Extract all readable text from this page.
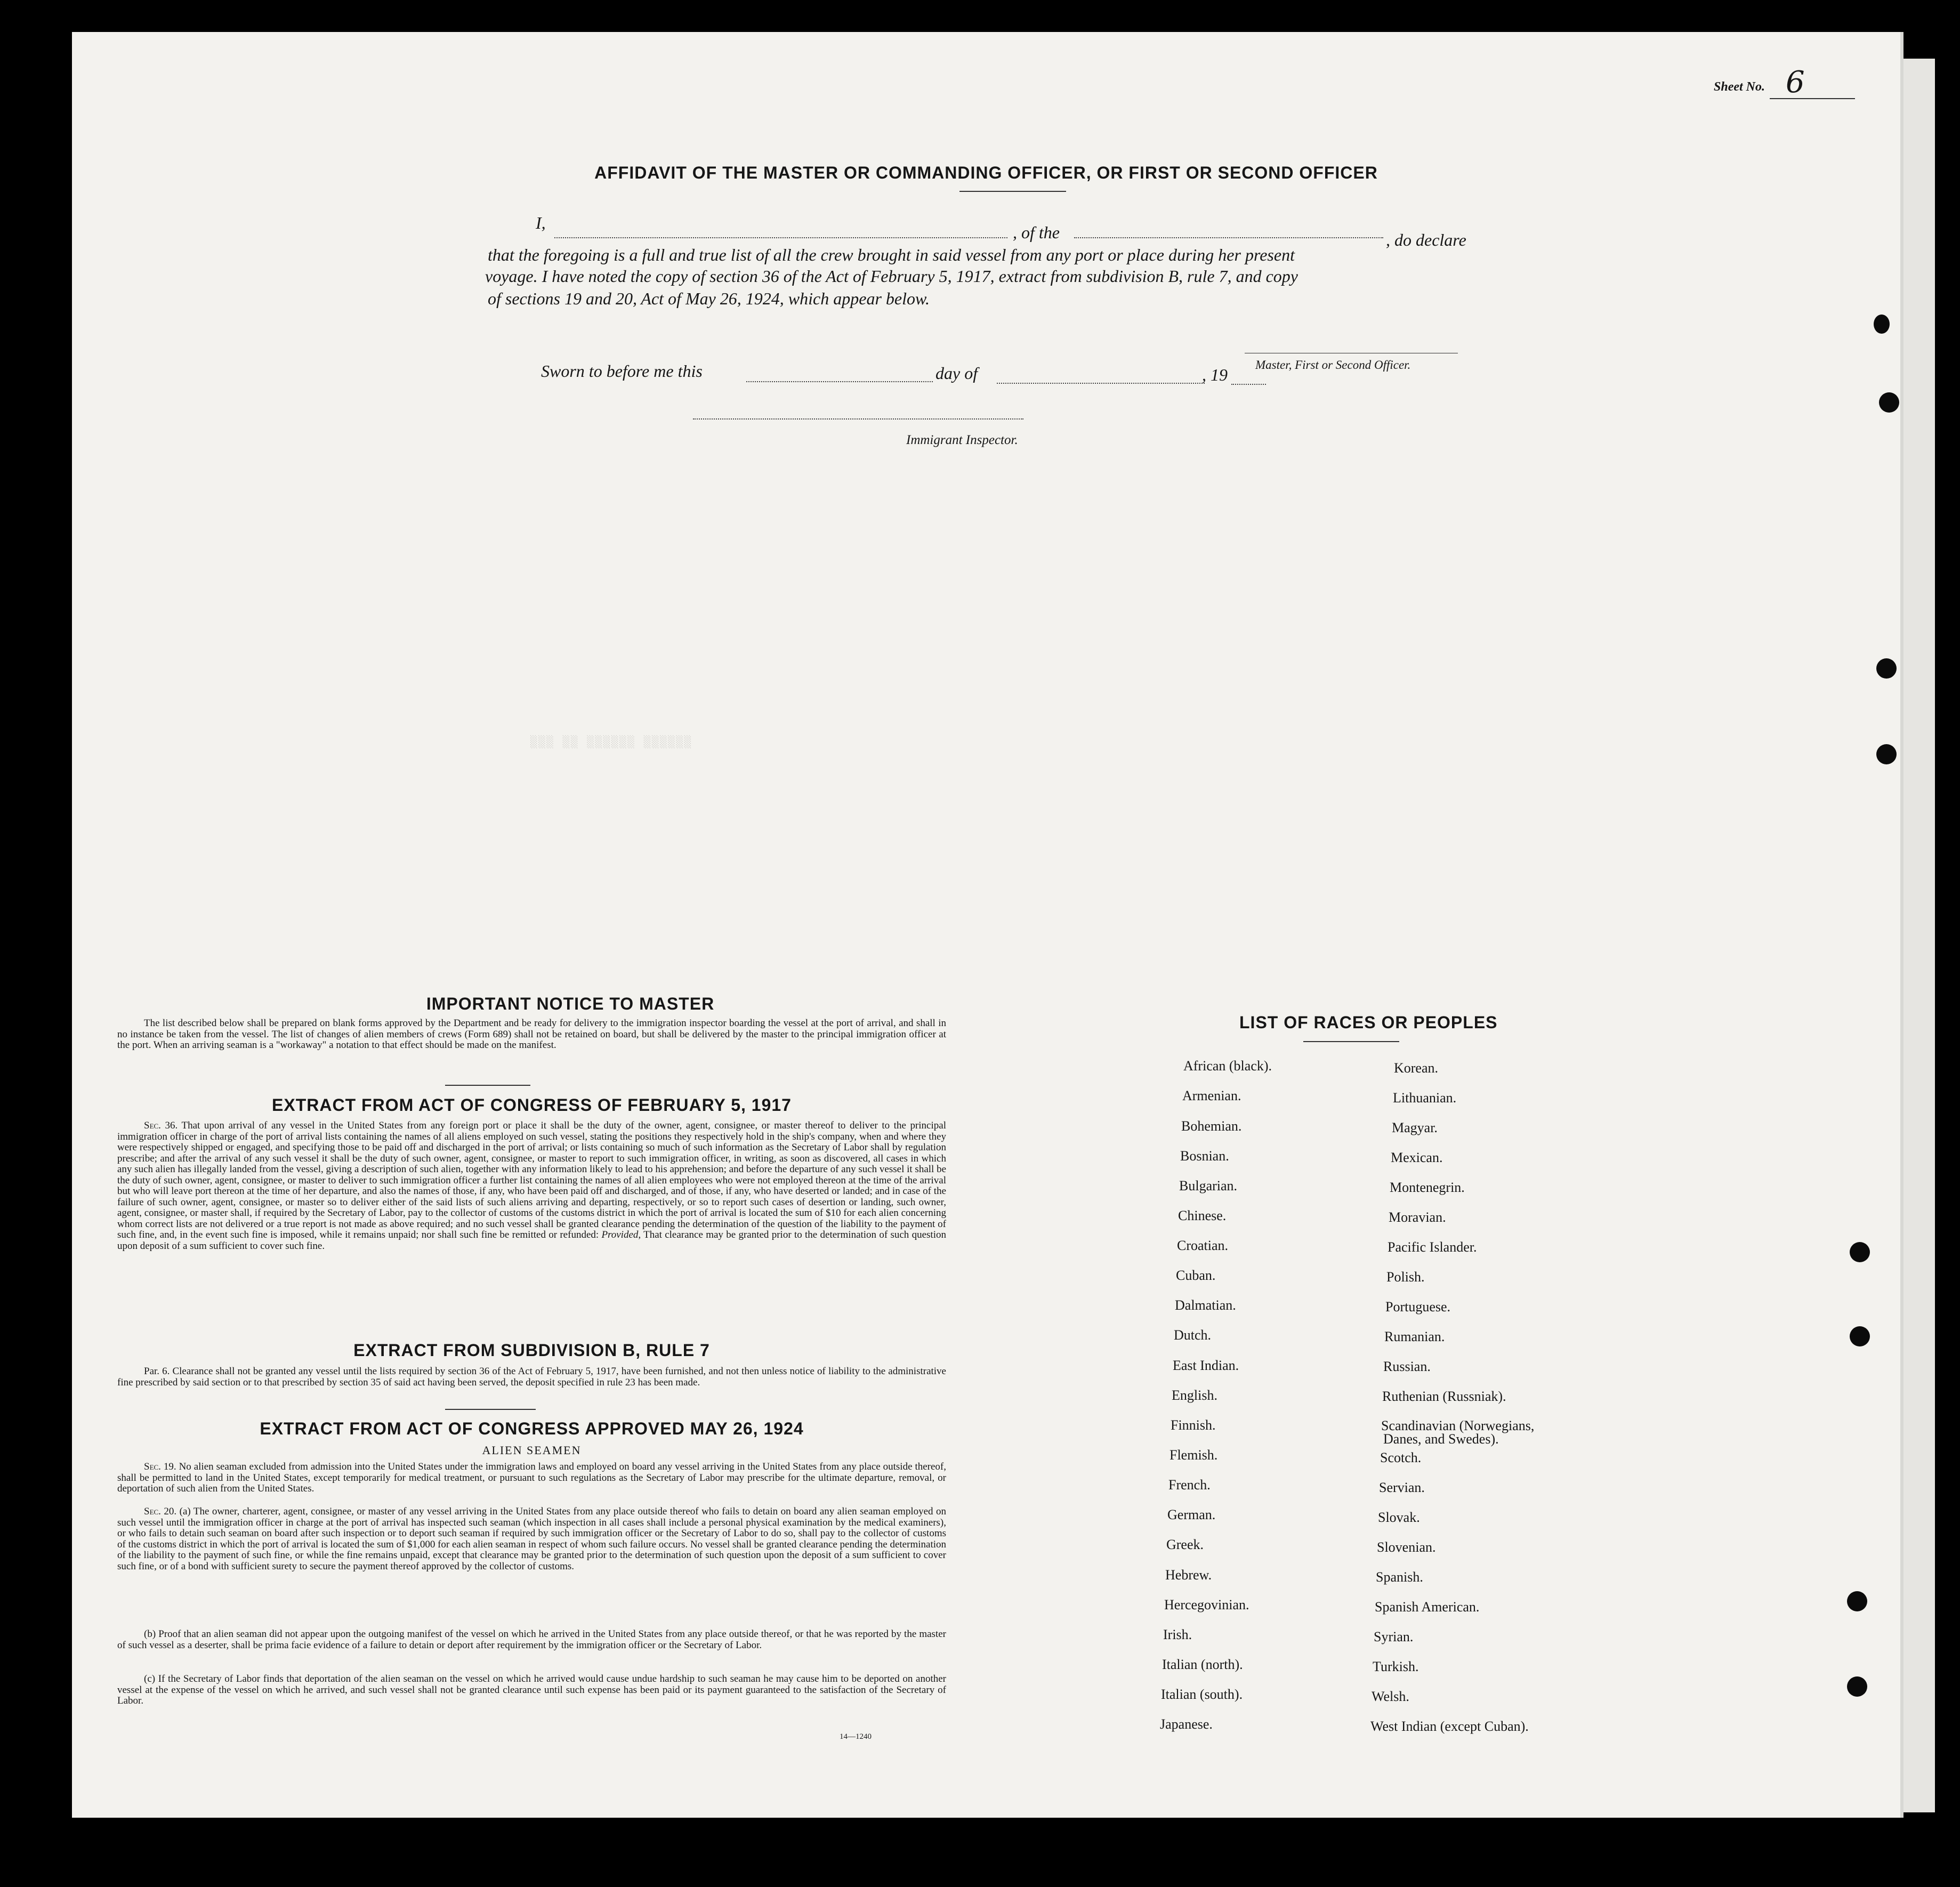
░░░ ░░ ░░░░░░ ░░░░░░
Sheet No. 6
AFFIDAVIT OF THE MASTER OR COMMANDING OFFICER, OR FIRST OR SECOND OFFICER
I,	, of the	, do declare
that the foregoing is a full and true list of all the crew brought in said vessel from any port or place during her present
voyage. I have noted the copy of section 36 of the Act of February 5, 1917, extract from subdivision B, rule 7, and copy
of sections 19 and 20, Act of May 26, 1924, which appear below.
Master, First or Second Officer.
Sworn to before me this	day of	, 19
Immigrant Inspector.
IMPORTANT NOTICE TO MASTER
The list described below shall be prepared on blank forms approved by the Department and be ready for delivery to the immigration inspector boarding the vessel at the port of arrival, and shall in no instance be taken from the vessel. The list of changes of alien members of crews (Form 689) shall not be retained on board, but shall be delivered by the master to the principal immigration officer at the port. When an arriving seaman is a "workaway" a notation to that effect should be made on the manifest.
EXTRACT FROM ACT OF CONGRESS OF FEBRUARY 5, 1917
Sec. 36. That upon arrival of any vessel in the United States from any foreign port or place it shall be the duty of the owner, agent, consignee, or master thereof to deliver to the principal immigration officer in charge of the port of arrival lists containing the names of all aliens employed on such vessel, stating the positions they respectively hold in the ship's company, when and where they were respectively shipped or engaged, and specifying those to be paid off and discharged in the port of arrival; or lists containing so much of such information as the Secretary of Labor shall by regulation prescribe; and after the arrival of any such vessel it shall be the duty of such owner, agent, consignee, or master to report to such immigration officer, in writing, as soon as discovered, all cases in which any such alien has illegally landed from the vessel, giving a description of such alien, together with any information likely to lead to his apprehension; and before the departure of any such vessel it shall be the duty of such owner, agent, consignee, or master to deliver to such immigration officer a further list containing the names of all alien employees who were not employed thereon at the time of the arrival but who will leave port thereon at the time of her departure, and also the names of those, if any, who have been paid off and discharged, and of those, if any, who have deserted or landed; and in case of the failure of such owner, agent, consignee, or master so to deliver either of the said lists of such aliens arriving and departing, respectively, or so to report such cases of desertion or landing, such owner, agent, consignee, or master shall, if required by the Secretary of Labor, pay to the collector of customs of the customs district in which the port of arrival is located the sum of $10 for each alien concerning whom correct lists are not delivered or a true report is not made as above required; and no such vessel shall be granted clearance pending the determination of the question of the liability to the payment of such fine, and, in the event such fine is imposed, while it remains unpaid; nor shall such fine be remitted or refunded: Provided, That clearance may be granted prior to the determination of such question upon deposit of a sum sufficient to cover such fine.
EXTRACT FROM SUBDIVISION B, RULE 7
Par. 6. Clearance shall not be granted any vessel until the lists required by section 36 of the Act of February 5, 1917, have been furnished, and not then unless notice of liability to the administrative fine prescribed by said section or to that prescribed by section 35 of said act having been served, the deposit specified in rule 23 has been made.
EXTRACT FROM ACT OF CONGRESS APPROVED MAY 26, 1924
ALIEN SEAMEN
Sec. 19. No alien seaman excluded from admission into the United States under the immigration laws and employed on board any vessel arriving in the United States from any place outside thereof, shall be permitted to land in the United States, except temporarily for medical treatment, or pursuant to such regulations as the Secretary of Labor may prescribe for the ultimate departure, removal, or deportation of such alien from the United States.
Sec. 20. (a) The owner, charterer, agent, consignee, or master of any vessel arriving in the United States from any place outside thereof who fails to detain on board any alien seaman employed on such vessel until the immigration officer in charge at the port of arrival has inspected such seaman (which inspection in all cases shall include a personal physical examination by the medical examiners), or who fails to detain such seaman on board after such inspection or to deport such seaman if required by such immigration officer or the Secretary of Labor to do so, shall pay to the collector of customs of the customs district in which the port of arrival is located the sum of $1,000 for each alien seaman in respect of whom such failure occurs. No vessel shall be granted clearance pending the determination of the liability to the payment of such fine, or while the fine remains unpaid, except that clearance may be granted prior to the determination of such question upon the deposit of a sum sufficient to cover such fine, or of a bond with sufficient surety to secure the payment thereof approved by the collector of customs.
(b) Proof that an alien seaman did not appear upon the outgoing manifest of the vessel on which he arrived in the United States from any place outside thereof, or that he was reported by the master of such vessel as a deserter, shall be prima facie evidence of a failure to detain or deport after requirement by the immigration officer or the Secretary of Labor.
(c) If the Secretary of Labor finds that deportation of the alien seaman on the vessel on which he arrived would cause undue hardship to such seaman he may cause him to be deported on another vessel at the expense of the vessel on which he arrived, and such vessel shall not be granted clearance until such expense has been paid or its payment guaranteed to the satisfaction of the Secretary of Labor.
14—1240
LIST OF RACES OR PEOPLES
African (black).
Armenian.
Bohemian.
Bosnian.
Bulgarian.
Chinese.
Croatian.
Cuban.
Dalmatian.
Dutch.
East Indian.
English.
Finnish.
Flemish.
French.
German.
Greek.
Hebrew.
Hercegovinian.
Irish.
Italian (north).
Italian (south).
Japanese.
Korean.
Lithuanian.
Magyar.
Mexican.
Montenegrin.
Moravian.
Pacific Islander.
Polish.
Portuguese.
Rumanian.
Russian.
Ruthenian (Russniak).
Scandinavian (Norwegians,
Scotch.
Servian.
Slovak.
Slovenian.
Spanish.
Spanish American.
Syrian.
Turkish.
Welsh.
West Indian (except Cuban).
Danes, and Swedes).
